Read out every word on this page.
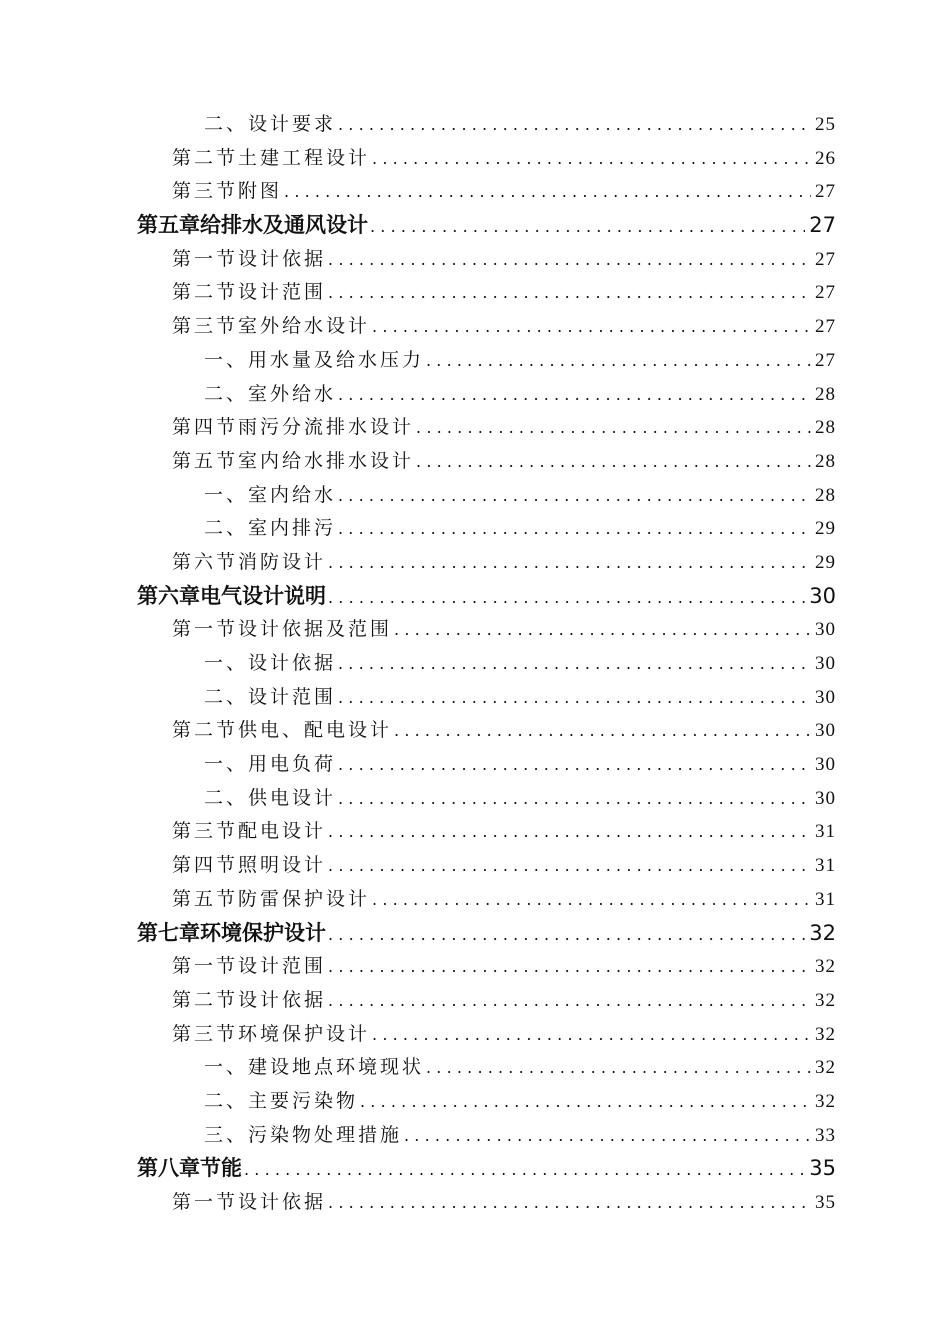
二、设计要求 .....	25
第二节 土建工程设计 .....	26
第三节 附图 .....	27
第五章 给排水及通风设计 .....	27
第一节 设计依据 .....	27
第二节 设计范围 .....	27
第三节 室外给水设计 .....	27
一、用水量及给水压力 .....	27
二、室外给水 .....	28
第四节 雨污分流排水设计 .....	28
第五节 室内给水排水设计 .....	28
一、室内给水 .....	28
二、室内排污 .....	29
第六节 消防设计 .....	29
第六章 电气设计说明 .....	30
第一节 设计依据及范围 .....	30
一、设计依据 .....	30
二、设计范围 .....	30
第二节 供电、配电设计 .....	30
一、用电负荷 .....	30
二、供电设计 .....	30
第三节 配电设计 .....	31
第四节 照明设计 .....	31
第五节 防雷保护设计 .....	31
第七章 环境保护设计 .....	32
第一节 设计范围 .....	32
第二节 设计依据 .....	32
第三节 环境保护设计 .....	32
一、建设地点环境现状 .....	32
二、主要污染物 .....	32
三、污染物处理措施 .....	33
第八章 节能 .....	35
第一节 设计依据 .....	35
